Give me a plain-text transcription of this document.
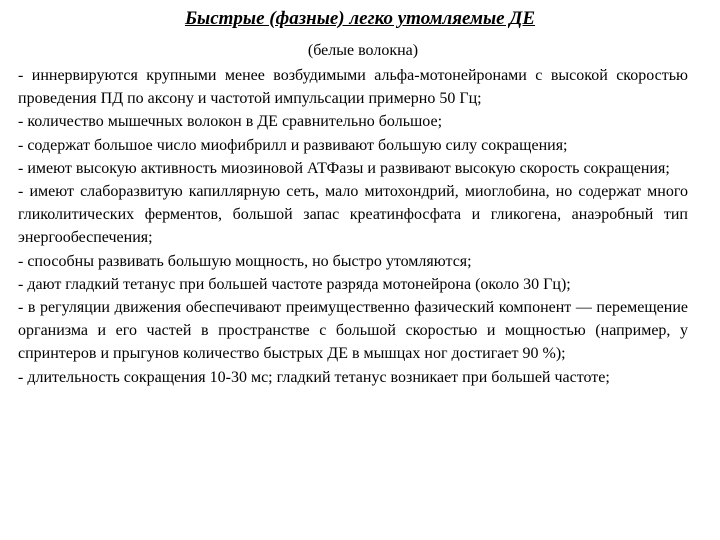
Быстрые (фазные) легко утомляемые ДЕ

(белые волокна)

- иннервируются крупными менее возбудимыми альфа-мотонейронами с высокой скоростью проведения ПД по аксону и частотой импульсации примерно 50 Гц;

- количество мышечных волокон в ДЕ сравнительно большое;

- содержат большое число миофибрилл и развивают большую силу сокращения;

- имеют высокую активность миозиновой АТФазы и развивают высокую скорость сокращения;

- имеют слаборазвитую капиллярную сеть, мало митохондрий, миоглобина, но содержат много гликолитических ферментов, большой запас креатинфосфата и гликогена, анаэробный тип энергообеспечения;

- способны развивать большую мощность, но быстро утомляются;

- дают гладкий тетанус при большей частоте разряда мотонейрона (около 30 Гц);

- в регуляции движения обеспечивают преимущественно фазический компонент — перемещение организма и его частей в пространстве с большой скоростью и мощностью (например, у спринтеров и прыгунов количество быстрых ДЕ в мышцах ног достигает 90 %);

- длительность сокращения 10-30 мс; гладкий тетанус возникает при большей частоте;
